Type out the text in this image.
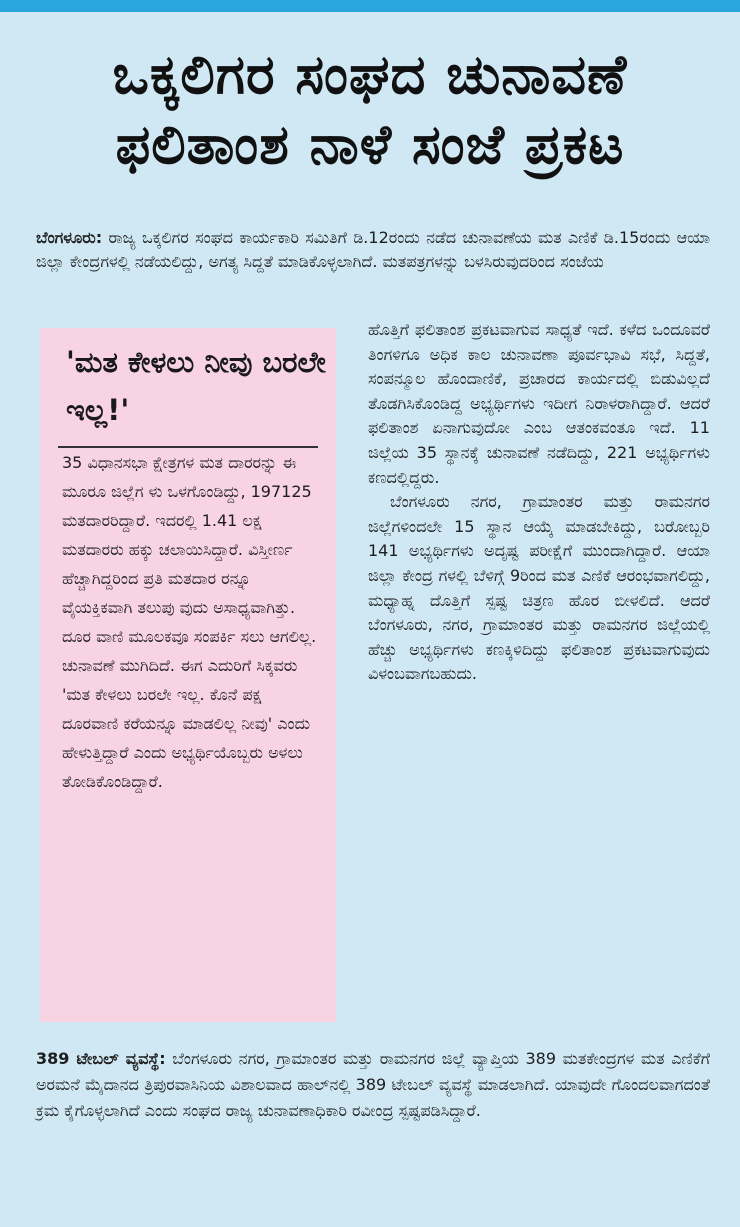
ಒಕ್ಕಲಿಗರ ಸಂಘದ ಚುನಾವಣೆ
ಫಲಿತಾಂಶ ನಾಳೆ ಸಂಜೆ ಪ್ರಕಟ
ಬೆಂಗಳೂರು: ರಾಜ್ಯ ಒಕ್ಕಲಿಗರ ಸಂಘದ ಕಾರ್ಯಕಾರಿ ಸಮಿತಿಗೆ ಡಿ.12ರಂದು ನಡೆದ ಚುನಾವಣೆಯ ಮತ ಎಣಿಕೆ ಡಿ.15ರಂದು ಆಯಾ ಜಿಲ್ಲಾ ಕೇಂದ್ರಗಳಲ್ಲಿ ನಡೆಯಲಿದ್ದು, ಅಗತ್ಯ ಸಿದ್ದತೆ ಮಾಡಿಕೊಳ್ಳಲಾಗಿದೆ. ಮತಪತ್ರಗಳನ್ನು ಬಳಸಿರುವುದರಿಂದ ಸಂಜೆಯ
'ಮತ ಕೇಳಲು ನೀವು ಬರಲೇ ಇಲ್ಲ!'
35 ವಿಧಾನಸಭಾ ಕ್ಷೇತ್ರಗಳ ಮತ ದಾರರನ್ನು ಈ ಮೂರೂ ಜಿಲ್ಲೆಗ ಳು ಒಳಗೊಂಡಿದ್ದು, 197125 ಮತದಾರರಿದ್ದಾರೆ. ಇದರಲ್ಲಿ 1.41 ಲಕ್ಷ ಮತದಾರರು ಹಕ್ಕು ಚಲಾಯಿಸಿದ್ದಾರೆ. ವಿಸ್ತೀರ್ಣ ಹೆಚ್ಚಾಗಿದ್ದರಿಂದ ಪ್ರತಿ ಮತದಾರ ರನ್ನೂ ವೈಯಕ್ತಿಕವಾಗಿ ತಲುಪು ವುದು ಅಸಾಧ್ಯವಾಗಿತ್ತು. ದೂರ ವಾಣಿ ಮೂಲಕವೂ ಸಂಪರ್ಕಿ ಸಲು ಆಗಲಿಲ್ಲ. ಚುನಾವಣೆ ಮುಗಿದಿದೆ. ಈಗ ಎದುರಿಗೆ ಸಿಕ್ಕವರು 'ಮತ ಕೇಳಲು ಬರಲೇ ಇಲ್ಲ. ಕೊನೆ ಪಕ್ಷ ದೂರವಾಣಿ ಕರೆಯನ್ನೂ ಮಾಡಲಿಲ್ಲ ನೀವು' ಎಂದು ಹೇಳುತ್ತಿದ್ದಾರೆ ಎಂದು ಅಭ್ಯರ್ಥಿಯೊಬ್ಬರು ಅಳಲು ತೋಡಿಕೊಂಡಿದ್ದಾರೆ.

ಹೊತ್ತಿಗೆ ಫಲಿತಾಂಶ ಪ್ರಕಟವಾಗುವ ಸಾಧ್ಯತೆ ಇದೆ. ಕಳೆದ ಒಂದೂವರೆ ತಿಂಗಳಿಗೂ ಅಧಿಕ ಕಾಲ ಚುನಾವಣಾ ಪೂರ್ವಭಾವಿ ಸಭೆ, ಸಿದ್ದತೆ, ಸಂಪನ್ಮೂಲ ಹೊಂದಾಣಿಕೆ, ಪ್ರಚಾರದ ಕಾರ್ಯದಲ್ಲಿ ಬಿಡುವಿಲ್ಲದೆ ತೊಡಗಿಸಿಕೊಂಡಿದ್ದ ಅಭ್ಯರ್ಥಿಗಳು ಇದೀಗ ನಿರಾಳರಾಗಿದ್ದಾರೆ. ಆದರೆ ಫಲಿತಾಂಶ ಏನಾಗುವುದೋ ಎಂಬ ಆತಂಕವಂತೂ ಇದೆ. 11 ಜಿಲ್ಲೆಯ 35 ಸ್ಥಾನಕ್ಕೆ ಚುನಾವಣೆ ನಡೆದಿದ್ದು, 221 ಅಭ್ಯರ್ಥಿಗಳು ಕಣದಲ್ಲಿದ್ದರು.

ಬೆಂಗಳೂರು ನಗರ, ಗ್ರಾಮಾಂತರ ಮತ್ತು ರಾಮನಗರ ಜಿಲ್ಲೆಗಳಿಂದಲೇ 15 ಸ್ಥಾನ ಆಯ್ಕೆ ಮಾಡಬೇಕಿದ್ದು, ಬರೋಬ್ಬರಿ 141 ಅಭ್ಯರ್ಥಿಗಳು ಅದೃಷ್ಟ ಪರೀಕ್ಷೆಗೆ ಮುಂದಾಗಿದ್ದಾರೆ. ಆಯಾ ಜಿಲ್ಲಾ ಕೇಂದ್ರ ಗಳಲ್ಲಿ ಬೆಳಿಗ್ಗೆ 9ರಿಂದ ಮತ ಎಣಿಕೆ ಆರಂಭವಾಗಲಿದ್ದು, ಮಧ್ಯಾಹ್ನ ದೊತ್ತಿಗೆ ಸ್ಪಷ್ಟ ಚಿತ್ರಣ ಹೊರ ಬೀಳಲಿದೆ. ಆದರೆ ಬೆಂಗಳೂರು, ನಗರ, ಗ್ರಾಮಾಂತರ ಮತ್ತು ರಾಮನಗರ ಜಿಲ್ಲೆಯಲ್ಲಿ ಹೆಚ್ಚು ಅಭ್ಯರ್ಥಿಗಳು ಕಣಕ್ಕಿಳಿದಿದ್ದು ಫಲಿತಾಂಶ ಪ್ರಕಟವಾಗುವುದು ವಿಳಂಬವಾಗಬಹುದು.

389 ಟೇಬಲ್ ವ್ಯವಸ್ಥೆ: ಬೆಂಗಳೂರು ನಗರ, ಗ್ರಾಮಾಂತರ ಮತ್ತು ರಾಮನಗರ ಜಿಲ್ಲೆ ವ್ಯಾಪ್ತಿಯ 389 ಮತಕೇಂದ್ರಗಳ ಮತ ಎಣಿಕೆಗೆ ಅರಮನೆ ಮೈದಾನದ ತ್ರಿಪುರವಾಸಿನಿಯ ವಿಶಾಲವಾದ ಹಾಲ್‌ನಲ್ಲಿ 389 ಟೇಬಲ್ ವ್ಯವಸ್ಥೆ ಮಾಡಲಾಗಿದೆ. ಯಾವುದೇ ಗೊಂದಲವಾಗದಂತೆ ಕ್ರಮ ಕೈಗೊಳ್ಳಲಾಗಿದೆ ಎಂದು ಸಂಘದ ರಾಜ್ಯ ಚುನಾವಣಾಧಿಕಾರಿ ರವೀಂದ್ರ ಸ್ಪಷ್ಟಪಡಿಸಿದ್ದಾರೆ.
